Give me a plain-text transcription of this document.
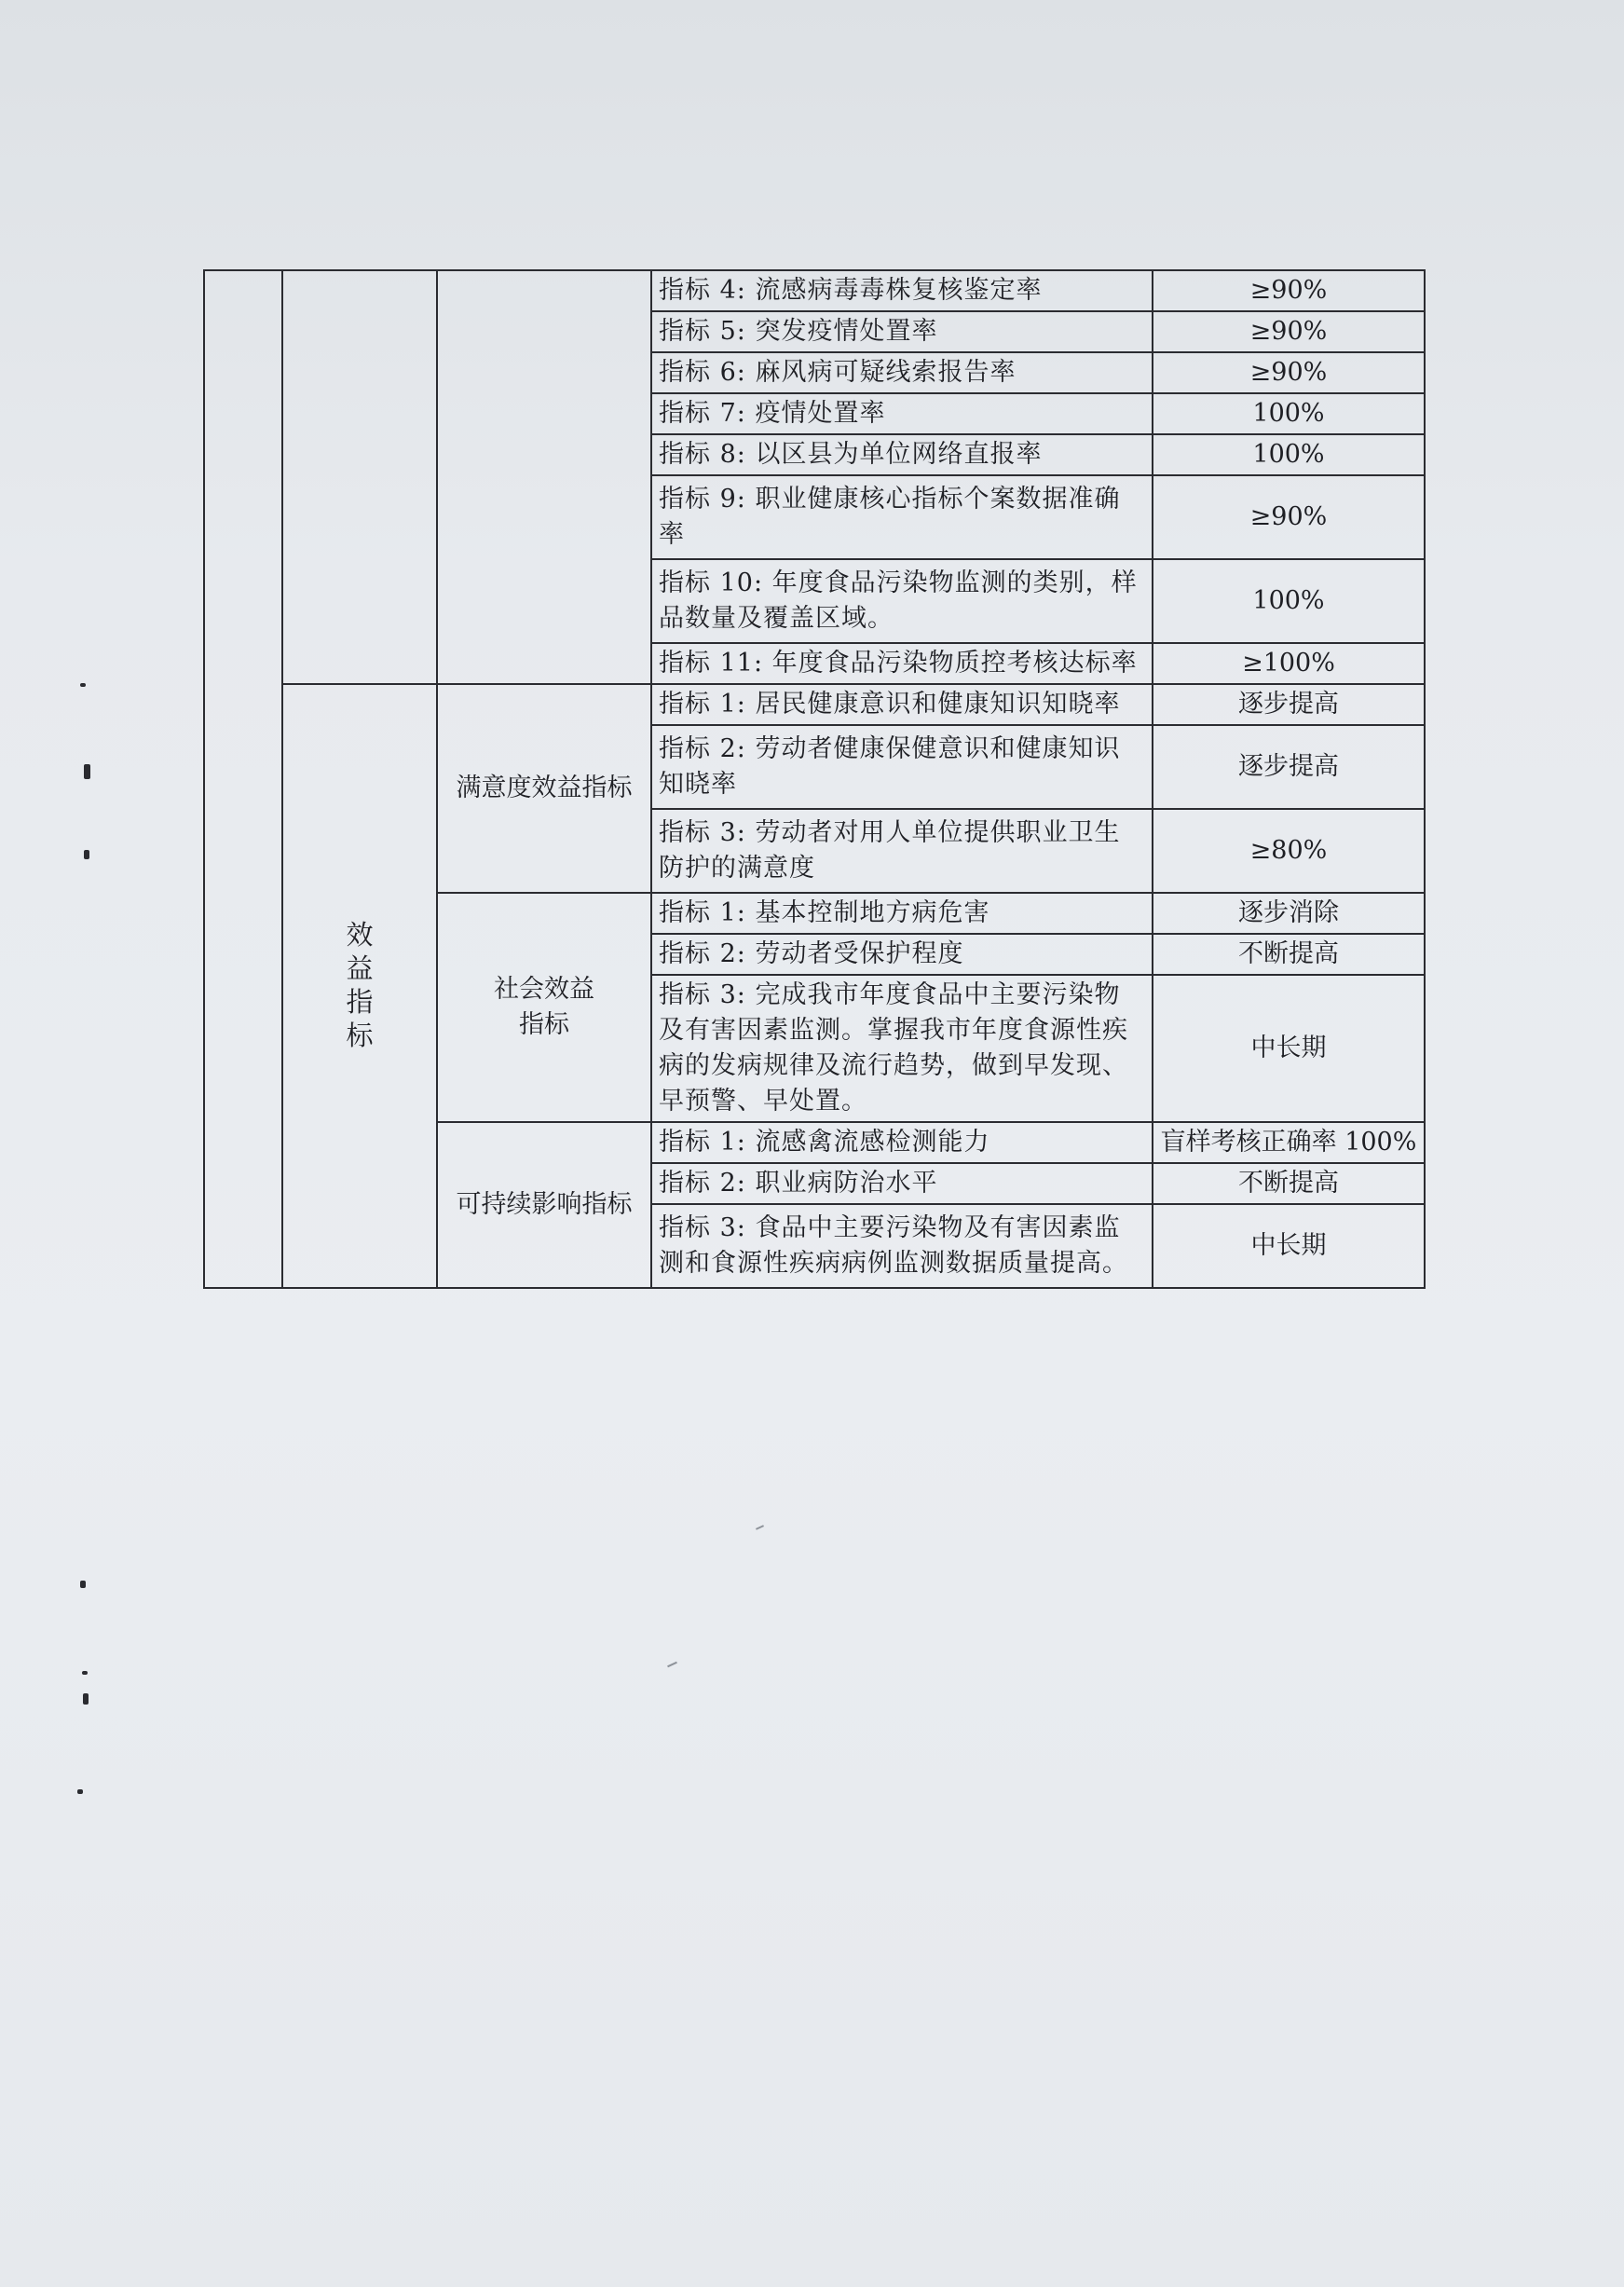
			指标 4: 流感病毒毒株复核鉴定率	≥90%
			指标 5: 突发疫情处置率	≥90%
			指标 6: 麻风病可疑线索报告率	≥90%
			指标 7: 疫情处置率	100%
			指标 8: 以区县为单位网络直报率	100%
			指标 9: 职业健康核心指标个案数据准确率	≥90%
			指标 10: 年度食品污染物监测的类别，样品数量及覆盖区域。	100%
			指标 11: 年度食品污染物质控考核达标率	≥100%
	效益指标	满意度效益指标	指标 1: 居民健康意识和健康知识知晓率	逐步提高
			指标 2: 劳动者健康保健意识和健康知识知晓率	逐步提高
			指标 3: 劳动者对用人单位提供职业卫生防护的满意度	≥80%
		社会效益指标	指标 1: 基本控制地方病危害	逐步消除
			指标 2: 劳动者受保护程度	不断提高
			指标 3: 完成我市年度食品中主要污染物及有害因素监测。掌握我市年度食源性疾病的发病规律及流行趋势，做到早发现、早预警、早处置。	中长期
		可持续影响指标	指标 1: 流感禽流感检测能力	盲样考核正确率 100%
			指标 2: 职业病防治水平	不断提高
			指标 3: 食品中主要污染物及有害因素监测和食源性疾病病例监测数据质量提高。	中长期
